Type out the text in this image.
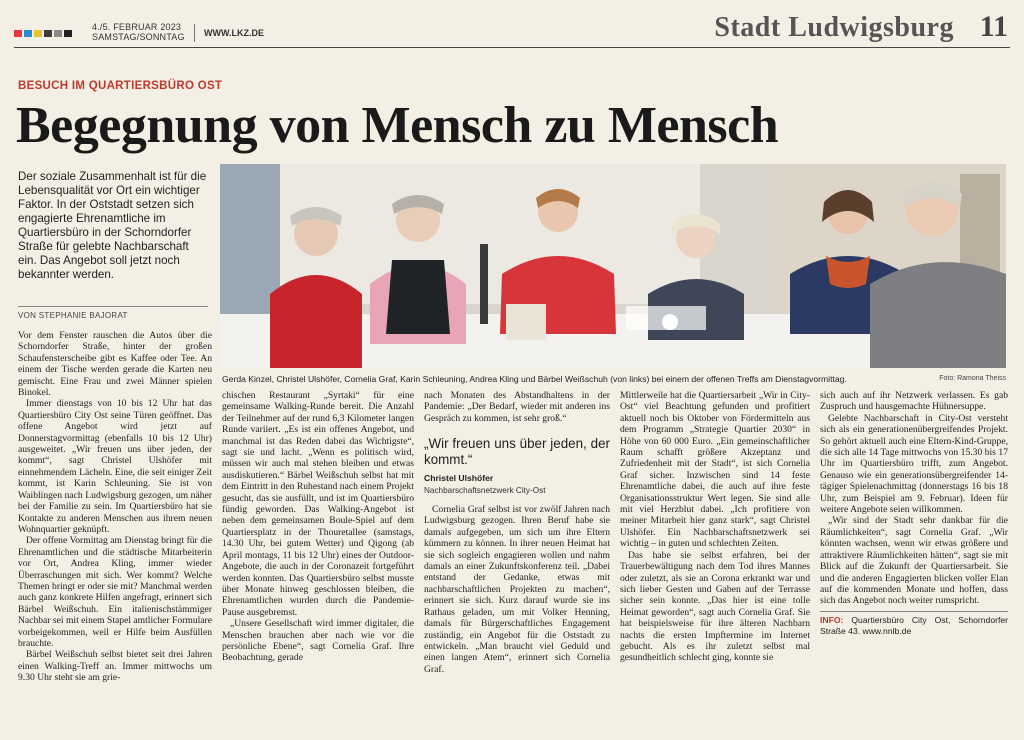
4./5. FEBRUAR 2023
SAMSTAG/SONNTAG WWW.LKZ.DE	Stadt Ludwigsburg 11
BESUCH IM QUARTIERSBÜRO OST
Begegnung von Mensch zu Mensch
Der soziale Zusammenhalt ist für die Lebensqualität vor Ort ein wichtiger Faktor. In der Oststadt setzen sich engagierte Ehrenamtliche im Quartiersbüro in der Schorndorfer Straße für gelebte Nachbarschaft ein. Das Angebot soll jetzt noch bekannter werden.
VON STEPHANIE BAJORAT
Gerda Kinzel, Christel Ulshöfer, Cornelia Graf, Karin Schleuning, Andrea Kling und Bärbel Weißschuh (von links) bei einem der offenen Treffs am Dienstagvormittag.	Foto: Ramona Theiss

Vor dem Fenster rauschen die Autos über die Schorndorfer Straße, hinter der großen Schaufensterscheibe gibt es Kaffee oder Tee. An einem der Tische werden gerade die Karten neu gemischt. Eine Frau und zwei Männer spielen Binokel.

Immer dienstags von 10 bis 12 Uhr hat das Quartiersbüro City Ost seine Türen geöffnet. Das offene Angebot wird jetzt auf Donnerstagvormittag (ebenfalls 10 bis 12 Uhr) ausgeweitet. „Wir freuen uns über jeden, der kommt“, sagt Christel Ulshöfer mit einnehmendem Lächeln. Eine, die seit einiger Zeit kommt, ist Karin Schleuning. Sie ist von Waiblingen nach Ludwigsburg gezogen, um näher bei der Familie zu sein. Im Quartiersbüro hat sie Kontakte zu anderen Menschen aus ihrem neuen Wohnquartier geknüpft.

Der offene Vormittag am Dienstag bringt für die Ehrenamtlichen und die städtische Mitarbeiterin vor Ort, Andrea Kling, immer wieder Überraschungen mit sich. Wer kommt? Welche Themen bringt er oder sie mit? Manchmal werden auch ganz konkrete Hilfen angefragt, erinnert sich Bärbel Weißschuh. Ein italienischstämmiger Nachbar sei mit einem Stapel amtlicher Formulare vorbeigekommen, weil er Hilfe beim Ausfüllen brauchte.

Bärbel Weißschuh selbst bietet seit drei Jahren einen Walking-Treff an. Immer mittwochs um 9.30 Uhr steht sie am grie-

chischen Restaurant „Syrtaki“ für eine gemeinsame Walking-Runde bereit. Die Anzahl der Teilnehmer auf der rund 6,3 Kilometer langen Runde variiert. „Es ist ein offenes Angebot, und manchmal ist das Reden dabei das Wichtigste“, sagt sie und lacht. „Wenn es politisch wird, müssen wir auch mal stehen bleiben und etwas ausdiskutieren.“ Bärbel Weißschuh selbst hat mit dem Eintritt in den Ruhestand nach einem Projekt gesucht, das sie ausfüllt, und ist im Quartiersbüro fündig geworden. Das Walking-Angebot ist neben dem gemeinsamen Boule-Spiel auf dem Quartiersplatz in der Thouretallee (samstags, 14.30 Uhr, bei gutem Wetter) und Qigong (ab April montags, 11 bis 12 Uhr) eines der Outdoor-Angebote, die auch in der Coronazeit fortgeführt werden konnten. Das Quartiersbüro selbst musste über Monate hinweg geschlossen bleiben, die Ehrenamtlichen wurden durch die Pandemie-Pause ausgebremst.

„Unsere Gesellschaft wird immer digitaler, die Menschen brauchen aber nach wie vor die persönliche Ebene“, sagt Cornelia Graf. Ihre Beobachtung, gerade

nach Monaten des Abstandhaltens in der Pandemie: „Der Bedarf, wieder mit anderen ins Gespräch zu kommen, ist sehr groß.“

„Wir freuen uns über jeden, der kommt.“
Christel Ulshöfer
Nachbarschaftsnetzwerk City-Ost

Cornelia Graf selbst ist vor zwölf Jahren nach Ludwigsburg gezogen. Ihren Beruf habe sie damals aufgegeben, um sich um ihre Eltern kümmern zu können. In ihrer neuen Heimat hat sie sich sogleich engagieren wollen und nahm damals an einer Zukunftskonferenz teil. „Dabei entstand der Gedanke, etwas mit nachbarschaftlichen Projekten zu machen“, erinnert sie sich. Kurz darauf wurde sie ins Rathaus geladen, um mit Volker Henning, damals für Bürgerschaftliches Engagement zuständig, ein Angebot für die Oststadt zu entwickeln. „Man braucht viel Geduld und einen langen Atem“, erinnert sich Cornelia Graf.

Mittlerweile hat die Quartiersarbeit „Wir in City-Ost“ viel Beachtung gefunden und profitiert aktuell noch bis Oktober von Fördermitteln aus dem Programm „Strategie Quartier 2030“ in Höhe von 60 000 Euro. „Ein gemeinschaftlicher Raum schafft größere Akzeptanz und Zufriedenheit mit der Stadt“, ist sich Cornelia Graf sicher. Inzwischen sind 14 feste Ehrenamtliche dabei, die auch auf ihre feste Organisationsstruktur Wert legen. Sie sind alle mit viel Herzblut dabei. „Ich profitiere von meiner Mitarbeit hier ganz stark“, sagt Christel Ulshöfer. Ein Nachbarschaftsnetzwerk sei wichtig – in guten und schlechten Zeiten.

Das habe sie selbst erfahren, bei der Trauerbewältigung nach dem Tod ihres Mannes oder zuletzt, als sie an Corona erkrankt war und sich lieber Gesten und Gaben auf der Terrasse sicher sein konnte. „Das hier ist eine tolle Heimat geworden“, sagt auch Cornelia Graf. Sie hat beispielsweise für ihre älteren Nachbarn nachts die ersten Impftermine im Internet gebucht. Als es ihr zuletzt selbst mal gesundheitlich schlecht ging, konnte sie

sich auch auf ihr Netzwerk verlassen. Es gab Zuspruch und hausgemachte Hühnersuppe.

Gelebte Nachbarschaft in City-Ost versteht sich als ein generationenübergreifendes Projekt. So gehört aktuell auch eine Eltern-Kind-Gruppe, die sich alle 14 Tage mittwochs von 15.30 bis 17 Uhr im Quartiersbüro trifft, zum Angebot. Genauso wie ein generationsübergreifender 14-tägiger Spielenachmittag (donnerstags 16 bis 18 Uhr, zum Beispiel am 9. Februar). Ideen für weitere Angebote seien willkommen.

„Wir sind der Stadt sehr dankbar für die Räumlichkeiten“, sagt Cornelia Graf. „Wir könnten wachsen, wenn wir etwas größere und attraktivere Räumlichkeiten hätten“, sagt sie mit Blick auf die Zukunft der Quartiersarbeit. Sie und die anderen Engagierten blicken voller Elan auf die kommenden Monate und hoffen, dass sich das Angebot noch weiter rumspricht.

INFO: Quartiersbüro City Ost, Schorndorfer Straße 43. www.nnlb.de
